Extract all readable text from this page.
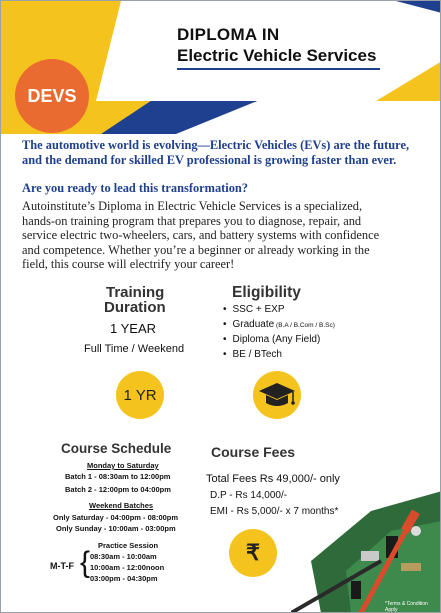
DIPLOMA IN
Electric Vehicle Services
DEVS
The automotive world is evolving—Electric Vehicles (EVs) are the future,
and the demand for skilled EV professional is growing faster than ever.
Are you ready to lead this transformation?
Autoinstitute’s Diploma in Electric Vehicle Services is a specialized,
hands-on training program that prepares you to diagnose, repair, and
service electric two-wheelers, cars, and battery systems with confidence
and competence. Whether you’re a beginner or already working in the
field, this course will electrify your career!
Training
Duration
1 YEAR
Full Time / Weekend
1 YR
Eligibility
• SSC + EXP
• Graduate (B.A / B.Com / B.Sc)
• Diploma (Any Field)
• BE / BTech
Course Schedule
Monday to Saturday
Batch 1 - 08:30am to 12:00pm
Batch 2 - 12:00pm to 04:00pm
Weekend Batches
Only Saturday - 04:00pm - 08:00pm
Only Sunday - 10:00am - 03:00pm
Practice Session
M-T-F { 08:30am - 10:00am
10:00am - 12:00noon
03:00pm - 04:30pm
Course Fees
Total Fees Rs 49,000/- only
D.P - Rs 14,000/-
EMI - Rs 5,000/- x 7 months*
₹
*Terms & Condition Apply
